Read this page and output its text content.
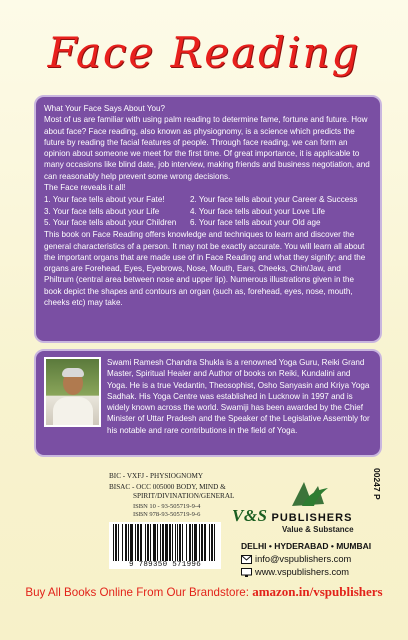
Face Reading

What Your Face Says About You?

Most of us are familiar with using palm reading to determine fame, fortune and future. How about face? Face reading, also known as physiognomy, is a science which predicts the future by reading the facial features of people. Through face reading, we can form an opinion about someone we meet for the first time. Of great importance, it is applicable to many occasions like blind date, job interview, making friends and business negotiation, and can reasonably help prevent some wrong decisions.

The Face reveals it all!

1. Your face tells about your Fate!	2. Your face tells about your Career & Success
3. Your face tells about your Life	4. Your face tells about your Love Life
5. Your face tells about your Children	6. Your face tells about your Old age

This book on Face Reading offers knowledge and techniques to learn and discover the general characteristics of a person. It may not be exactly accurate. You will learn all about the important organs that are made use of in Face Reading and what they signify; and the organs are Forehead, Eyes, Eyebrows, Nose, Mouth, Ears, Cheeks, Chin/Jaw, and Philtrum (central area between nose and upper lip). Numerous illustrations given in the book depict the shapes and contours an organ (such as, forehead, eyes, nose, mouth, cheeks etc) may take.

Swami Ramesh Chandra Shukla is a renowned Yoga Guru, Reiki Grand Master, Spiritual Healer and Author of books on Reiki, Kundalini and Yoga. He is a true Vedantin, Theosophist, Osho Sanyasin and Kriya Yoga Sadhak. His Yoga Centre was established in Lucknow in 1997 and is widely known across the world. Swamiji has been awarded by the Chief Minister of Uttar Pradesh and the Speaker of the Legislative Assembly for his notable and rare contributions in the field of Yoga.
BIC - VXFJ - PHYSIOGNOMY
BISAC - OCC 005000 BODY, MIND &
SPIRIT/DIVINATION/GENERAL
ISBN 10 - 93-505719-9-4
ISBN 978-93-505719-9-6
9 789350 571996
00247 P
V&S PUBLISHERS
Value & Substance
DELHI • HYDERABAD • MUMBAI
info@vspublishers.com
www.vspublishers.com
Buy All Books Online From Our Brandstore: amazon.in/vspublishers
